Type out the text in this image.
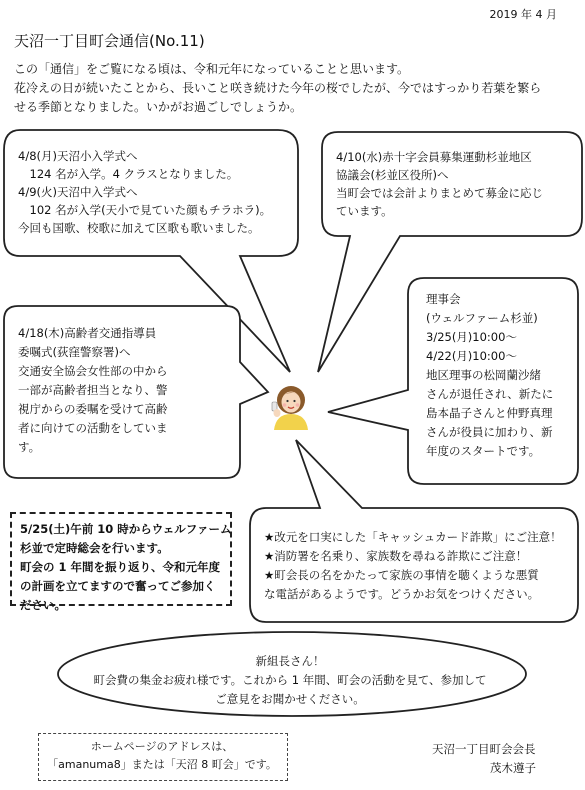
2019 年 4 月
天沼一丁目町会通信(No.11)
この「通信」をご覧になる頃は、令和元年になっていることと思います。
花冷えの日が続いたことから、長いこと咲き続けた今年の桜でしたが、今ではすっかり若葉を繁ら
せる季節となりました。いかがお過ごしでしょうか。
4/8(月)天沼小入学式へ
　124 名が入学。4 クラスとなりました。
4/9(火)天沼中入学式へ
　102 名が入学(天小で見ていた顔もチラホラ)。
今回も国歌、校歌に加えて区歌も歌いました。
4/10(水)赤十字会員募集運動杉並地区
協議会(杉並区役所)へ
当町会では会計よりまとめて募金に応じ
ています。
4/18(木)高齢者交通指導員
委嘱式(荻窪警察署)へ
交通安全協会女性部の中から
一部が高齢者担当となり、警
視庁からの委嘱を受けて高齢
者に向けての活動をしていま
す。
理事会
(ウェルファーム杉並)
3/25(月)10:00～
4/22(月)10:00～
地区理事の松岡蘭沙緒
さんが退任され、新たに
島本晶子さんと仲野真理
さんが役員に加わり、新
年度のスタートです。
5/25(土)午前 10 時からウェルファーム
杉並で定時総会を行います。
町会の 1 年間を振り返り、令和元年度
の計画を立てますので奮ってご参加く
ださい。
★改元を口実にした「キャッシュカード詐欺」にご注意！
★消防署を名乗り、家族数を尋ねる詐欺にご注意！
★町会長の名をかたって家族の事情を聴くような悪質
な電話があるようです。どうかお気をつけください。
新組長さん！
町会費の集金お疲れ様です。これから 1 年間、町会の活動を見て、参加して
ご意見をお聞かせください。
ホームページのアドレスは、
「amanuma8」または「天沼 8 町会」です。
天沼一丁目町会会長
茂木遵子
